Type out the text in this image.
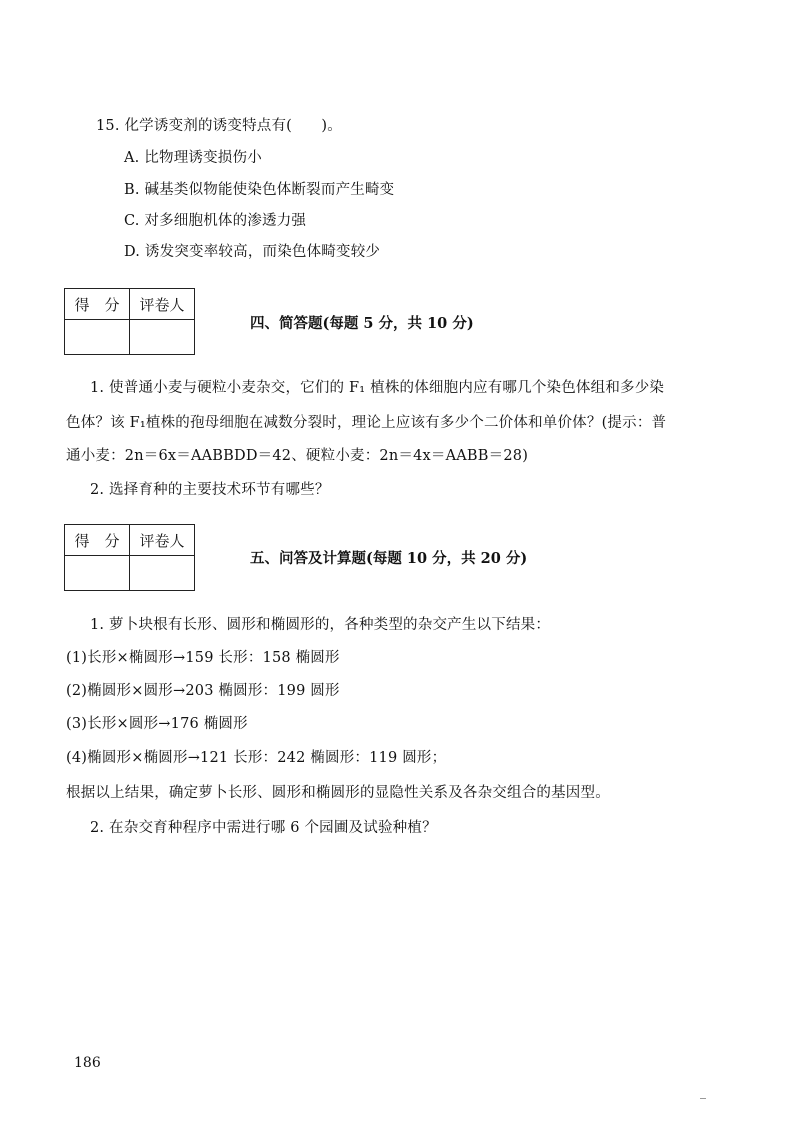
15. 化学诱变剂的诱变特点有(　　)。
A. 比物理诱变损伤小
B. 碱基类似物能使染色体断裂而产生畸变
C. 对多细胞机体的渗透力强
D. 诱发突变率较高，而染色体畸变较少
得　分	评卷人

四、简答题(每题 5 分，共 10 分)
1. 使普通小麦与硬粒小麦杂交，它们的 F₁ 植株的体细胞内应有哪几个染色体组和多少染
色体？该 F₁植株的孢母细胞在减数分裂时，理论上应该有多少个二价体和单价体？(提示：普
通小麦：2n＝6x＝AABBDD＝42、硬粒小麦：2n＝4x＝AABB＝28)
2. 选择育种的主要技术环节有哪些？
得　分	评卷人

五、问答及计算题(每题 10 分，共 20 分)
1. 萝卜块根有长形、圆形和椭圆形的，各种类型的杂交产生以下结果：
(1)长形×椭圆形→159 长形：158 椭圆形
(2)椭圆形×圆形→203 椭圆形：199 圆形
(3)长形×圆形→176 椭圆形
(4)椭圆形×椭圆形→121 长形：242 椭圆形：119 圆形；
根据以上结果，确定萝卜长形、圆形和椭圆形的显隐性关系及各杂交组合的基因型。
2. 在杂交育种程序中需进行哪 6 个园圃及试验种植？
186
